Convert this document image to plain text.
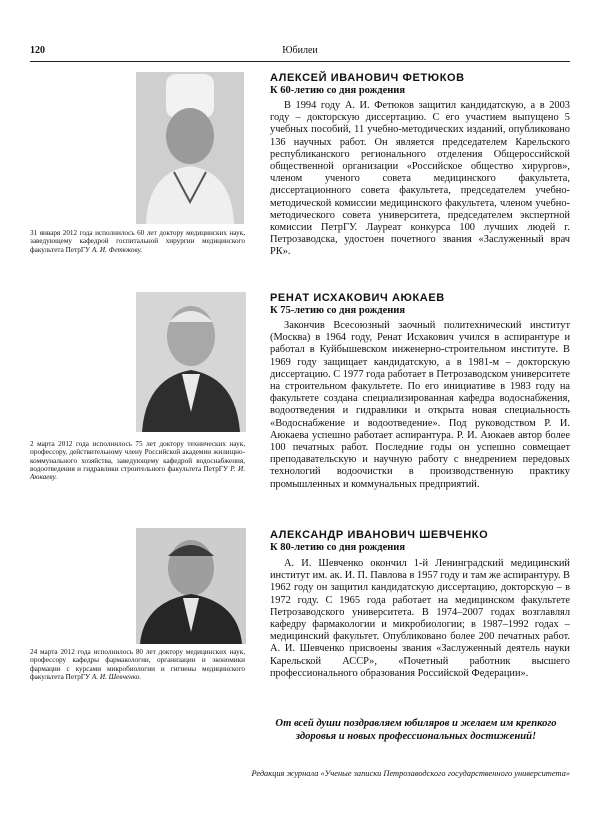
120	Юбилеи
31 января 2012 года исполнилось 60 лет доктору медицинских наук, заведующему кафедрой госпитальной хирургии медицинского факультета ПетрГУ А. И. Фетюкову.
АЛЕКСЕЙ ИВАНОВИЧ ФЕТЮКОВ
К 60-летию со дня рождения

В 1994 году А. И. Фетюков защитил кандидатскую, а в 2003 году – докторскую диссертацию. С его участием выпущено 5 учебных пособий, 11 учебно-методических изданий, опубликовано 136 научных работ. Он является председателем Карельского республиканского регионального отделения Общероссийской общественной организации «Российское общество хирургов», членом ученого совета медицинского факультета, диссертационного совета факультета, председателем учебно-методической комиссии медицинского факультета, членом учебно-методического совета университета, председателем экспертной комиссии ПетрГУ. Лауреат конкурса 100 лучших людей г. Петрозаводска, удостоен почетного звания «Заслуженный врач РК».

2 марта 2012 года исполнилось 75 лет доктору технических наук, профессору, действительному члену Российской академии жилищно-коммунального хозяйства, заведующему кафедрой водоснабжения, водоотведения и гидравлики строительного факультета ПетрГУ Р. И. Аюкаеву.
РЕНАТ ИСХАКОВИЧ АЮКАЕВ
К 75-летию со дня рождения

Закончив Всесоюзный заочный политехнический институт (Москва) в 1964 году, Ренат Исхакович учился в аспирантуре и работал в Куйбышевском инженерно-строительном институте. В 1969 году защищает кандидатскую, а в 1981-м – докторскую диссертацию. С 1977 года работает в Петрозаводском университете на строительном факультете. По его инициативе в 1983 году на факультете создана специализированная кафедра водоснабжения, водоотведения и гидравлики и открыта новая специальность «Водоснабжение и водоотведение». Под руководством Р. И. Аюкаева успешно работает аспирантура. Р. И. Аюкаев автор более 100 печатных работ. Последние годы он успешно совмещает преподавательскую и научную работу с внедрением передовых технологий водоочистки в производственную практику промышленных и коммунальных предприятий.

24 марта 2012 года исполнилось 80 лет доктору медицинских наук, профессору кафедры фармакологии, организации и экономики фармации с курсами микробиологии и гигиены медицинского факультета ПетрГУ А. И. Шевченко.
АЛЕКСАНДР ИВАНОВИЧ ШЕВЧЕНКО
К 80-летию со дня рождения

А. И. Шевченко окончил 1-й Ленинградский медицинский институт им. ак. И. П. Павлова в 1957 году и там же аспирантуру. В 1962 году он защитил кандидатскую диссертацию, докторскую – в 1972 году. С 1965 года работает на медицинском факультете Петрозаводского университета. В 1974–2007 годах возглавлял кафедру фармакологии и микробиологии; в 1987–1992 годах – медицинский факультет. Опубликовано более 200 печатных работ. А. И. Шевченко присвоены звания «Заслуженный деятель науки Карельской АССР», «Почетный работник высшего профессионального образования Российской Федерации».

От всей души поздравляем юбиляров и желаем им крепкого здоровья и новых профессиональных достижений!
Редакция журнала «Ученые записки Петрозаводского государственного университета»
